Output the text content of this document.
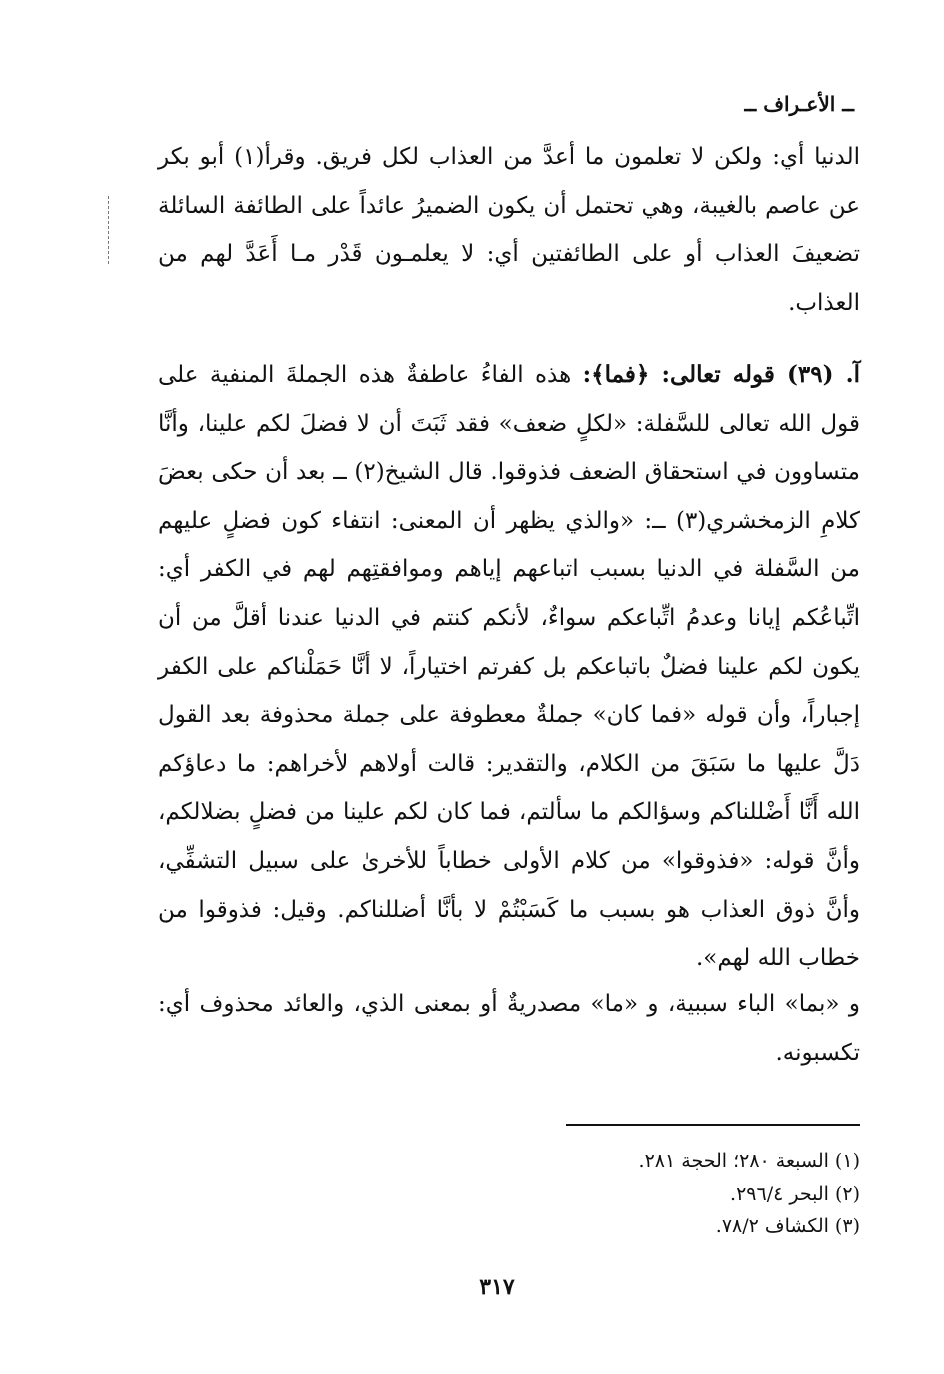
ــ الأعـراف ــ

الدنيا أي: ولكن لا تعلمون ما أعدَّ من العذاب لكل فريق. وقرأ(١) أبو بكر عن عاصم بالغيبة، وهي تحتمل أن يكون الضميرُ عائداً على الطائفة السائلة تضعيفَ العذاب أو على الطائفتين أي: لا يعلمـون قَدْر مـا أَعَدَّ لهم من العذاب.

آ. (٣٩) قوله تعالى: ﴿فما﴾: هذه الفاءُ عاطفةٌ هذه الجملةَ المنفية على قول الله تعالى للسَّفلة: «لكلٍ ضعف» فقد ثَبَتَ أن لا فضلَ لكم علينا، وأنَّا متساوون في استحقاق الضعف فذوقوا. قال الشيخ(٢) ــ بعد أن حكى بعضَ كلامِ الزمخشري(٣) ــ: «والذي يظهر أن المعنى: انتفاء كون فضلٍ عليهم من السَّفلة في الدنيا بسبب اتباعهم إياهم وموافقتِهم لهم في الكفر أي: اتِّباعُكم إيانا وعدمُ اتِّباعكم سواءٌ، لأنكم كنتم في الدنيا عندنا أقلَّ من أن يكون لكم علينا فضلٌ باتباعكم بل كفرتم اختياراً، لا أنَّا حَمَلْناكم على الكفر إجباراً، وأن قوله «فما كان» جملةٌ معطوفة على جملة محذوفة بعد القول دَلَّ عليها ما سَبَقَ من الكلام، والتقدير: قالت أولاهم لأخراهم: ما دعاؤكم الله أَنَّا أَضْللناكم وسؤالكم ما سألتم، فما كان لكم علينا من فضلٍ بضلالكم، وأنَّ قوله: «فذوقوا» من كلام الأولى خطاباً للأخرىٰ على سبيل التشفِّي، وأنَّ ذوق العذاب هو بسبب ما كَسَبْتُمْ لا بأنَّا أضللناكم. وقيل: فذوقوا من خطاب الله لهم».

و «بما» الباء سببية، و «ما» مصدريةٌ أو بمعنى الذي، والعائد محذوف أي: تكسبونه.

(١) السبعة ٢٨٠؛ الحجة ٢٨١.
(٢) البحر ٢٩٦/٤.
(٣) الكشاف ٧٨/٢.
٣١٧
